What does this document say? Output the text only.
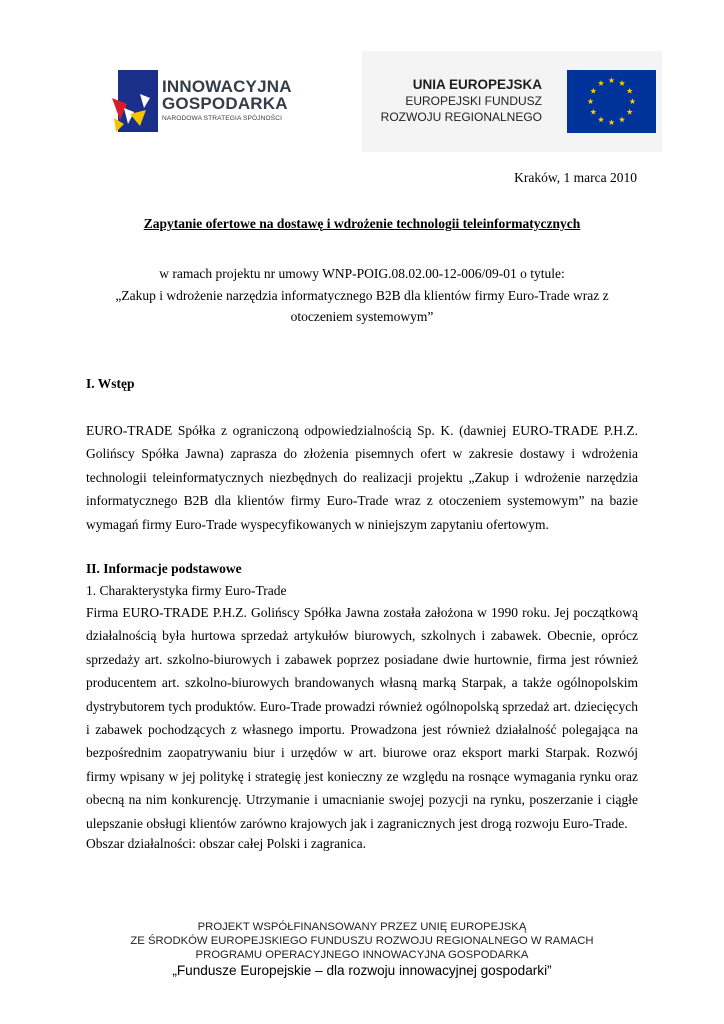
INNOWACYJNA
GOSPODARKA
NARODOWA STRATEGIA SPÓJNOŚCI
UNIA EUROPEJSKA
EUROPEJSKI FUNDUSZ
ROZWOJU REGIONALNEGO
Kraków, 1 marca 2010
Zapytanie ofertowe na dostawę i wdrożenie technologii teleinformatycznych
w ramach projektu nr umowy WNP-POIG.08.02.00-12-006/09-01 o tytule:
„Zakup i wdrożenie narzędzia informatycznego B2B dla klientów firmy Euro-Trade wraz z
otoczeniem systemowym”
I. Wstęp

EURO-TRADE Spółka z ograniczoną odpowiedzialnością Sp. K. (dawniej EURO-TRADE P.H.Z. Golińscy Spółka Jawna) zaprasza do złożenia pisemnych ofert w zakresie dostawy i wdrożenia technologii teleinformatycznych niezbędnych do realizacji projektu „Zakup i wdrożenie narzędzia informatycznego B2B dla klientów firmy Euro-Trade wraz z otoczeniem systemowym” na bazie wymagań firmy Euro-Trade wyspecyfikowanych w niniejszym zapytaniu ofertowym.

II. Informacje podstawowe
1. Charakterystyka firmy Euro-Trade

Firma EURO-TRADE P.H.Z. Golińscy Spółka Jawna została założona w 1990 roku. Jej początkową działalnością była hurtowa sprzedaż artykułów biurowych, szkolnych i zabawek. Obecnie, oprócz sprzedaży art. szkolno-biurowych i zabawek poprzez posiadane dwie hurtownie, firma jest również producentem art. szkolno-biurowych brandowanych własną marką Starpak, a także ogólnopolskim dystrybutorem tych produktów. Euro-Trade prowadzi również ogólnopolską sprzedaż art. dziecięcych i zabawek pochodzących z własnego importu. Prowadzona jest również działalność polegająca na bezpośrednim zaopatrywaniu biur i urzędów w art. biurowe oraz eksport marki Starpak. Rozwój firmy wpisany w jej politykę i strategię jest konieczny ze względu na rosnące wymagania rynku oraz obecną na nim konkurencję. Utrzymanie i umacnianie swojej pozycji na rynku, poszerzanie i ciągłe ulepszanie obsługi klientów zarówno krajowych jak i zagranicznych jest drogą rozwoju Euro-Trade.

Obszar działalności: obszar całej Polski i zagranica.
PROJEKT WSPÓŁFINANSOWANY PRZEZ UNIĘ EUROPEJSKĄ
ZE ŚRODKÓW EUROPEJSKIEGO FUNDUSZU ROZWOJU REGIONALNEGO W RAMACH
PROGRAMU OPERACYJNEGO INNOWACYJNA GOSPODARKA
„Fundusze Europejskie – dla rozwoju innowacyjnej gospodarki”
